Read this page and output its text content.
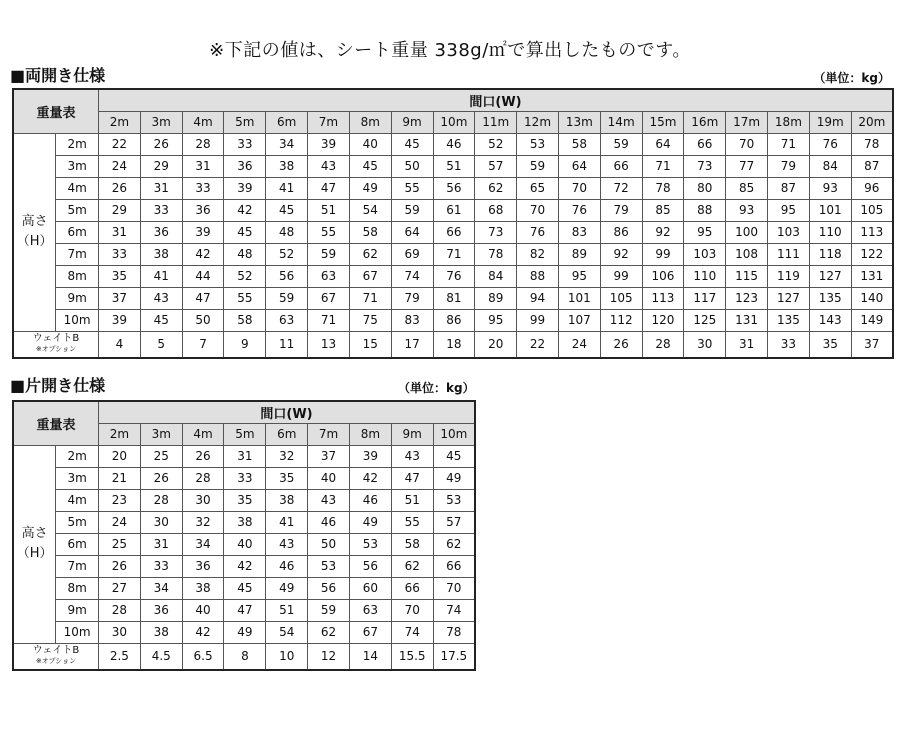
※下記の値は、シート重量 338g/㎡で算出したものです。
■両開き仕様	（単位：kg）
重量表		間口(W)																		
		2m	3m	4m	5m	6m	7m	8m	9m	10m	11m	12m	13m	14m	15m	16m	17m	18m	19m	20m

高さ
（H）	2m	22	26	28	33	34	39	40	45	46	52	53	58	59	64	66	70	71	76	78
	3m	24	29	31	36	38	43	45	50	51	57	59	64	66	71	73	77	79	84	87
	4m	26	31	33	39	41	47	49	55	56	62	65	70	72	78	80	85	87	93	96
	5m	29	33	36	42	45	51	54	59	61	68	70	76	79	85	88	93	95	101	105
	6m	31	36	39	45	48	55	58	64	66	73	76	83	86	92	95	100	103	110	113
	7m	33	38	42	48	52	59	62	69	71	78	82	89	92	99	103	108	111	118	122
	8m	35	41	44	52	56	63	67	74	76	84	88	95	99	106	110	115	119	127	131
	9m	37	43	47	55	59	67	71	79	81	89	94	101	105	113	117	123	127	135	140
	10m	39	45	50	58	63	71	75	83	86	95	99	107	112	120	125	131	135	143	149

ウェイトB
※オプション		4	5	7	9	11	13	15	17	18	20	22	24	26	28	30	31	33	35	37
■片開き仕様	（単位：kg）
重量表		間口(W)								
		2m	3m	4m	5m	6m	7m	8m	9m	10m

高さ
（H）	2m	20	25	26	31	32	37	39	43	45
	3m	21	26	28	33	35	40	42	47	49
	4m	23	28	30	35	38	43	46	51	53
	5m	24	30	32	38	41	46	49	55	57
	6m	25	31	34	40	43	50	53	58	62
	7m	26	33	36	42	46	53	56	62	66
	8m	27	34	38	45	49	56	60	66	70
	9m	28	36	40	47	51	59	63	70	74
	10m	30	38	42	49	54	62	67	74	78

ウェイトB
※オプション		2.5	4.5	6.5	8	10	12	14	15.5	17.5
